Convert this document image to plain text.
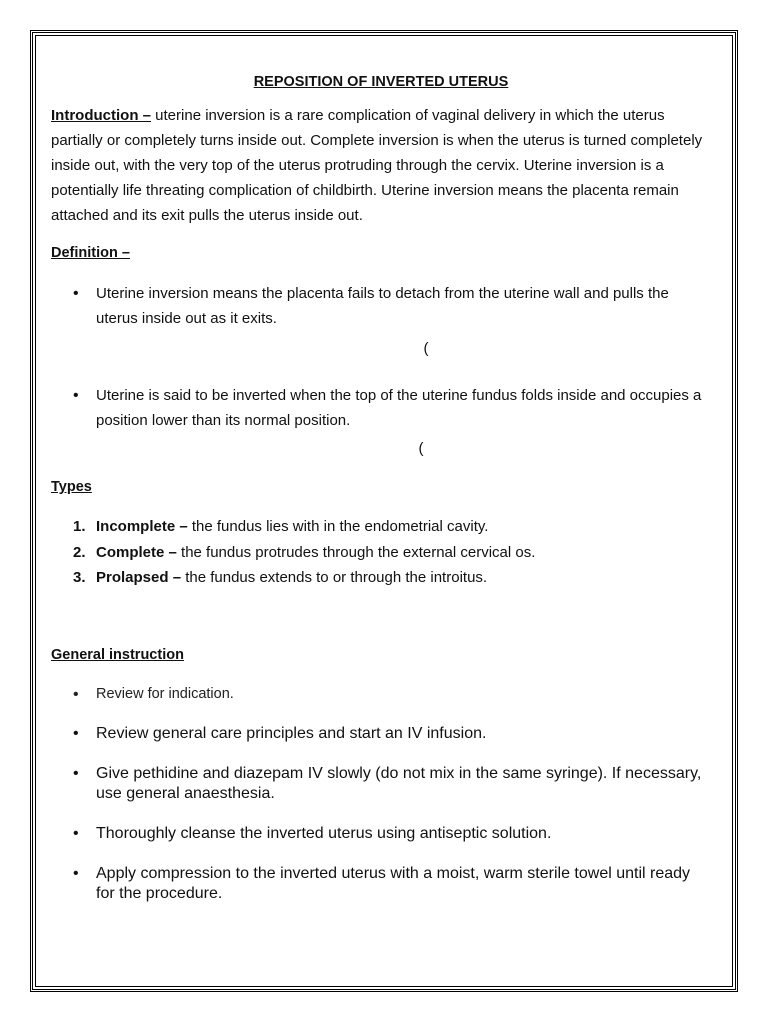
REPOSITION OF INVERTED UTERUS

Introduction – uterine inversion is a rare complication of vaginal delivery in which the uterus partially or completely turns inside out. Complete inversion is when the uterus is turned completely inside out, with the very top of the uterus protruding through the cervix. Uterine inversion is a potentially life threating complication of childbirth. Uterine inversion means the placenta remain attached and its exit pulls the uterus inside out.

Definition –

• Uterine inversion means the placenta fails to detach from the uterine wall and pulls the uterus inside out as it exits.
(
• Uterine is said to be inverted when the top of the uterine fundus folds inside and occupies a position lower than its normal position.
(

Types

1. Incomplete – the fundus lies with in the endometrial cavity.
2. Complete – the fundus protrudes through the external cervical os.
3. Prolapsed – the fundus extends to or through the introitus.

General instruction

• Review for indication.
• Review general care principles and start an IV infusion.
• Give pethidine and diazepam IV slowly (do not mix in the same syringe). If necessary, use general anaesthesia.
• Thoroughly cleanse the inverted uterus using antiseptic solution.
• Apply compression to the inverted uterus with a moist, warm sterile towel until ready for the procedure.
